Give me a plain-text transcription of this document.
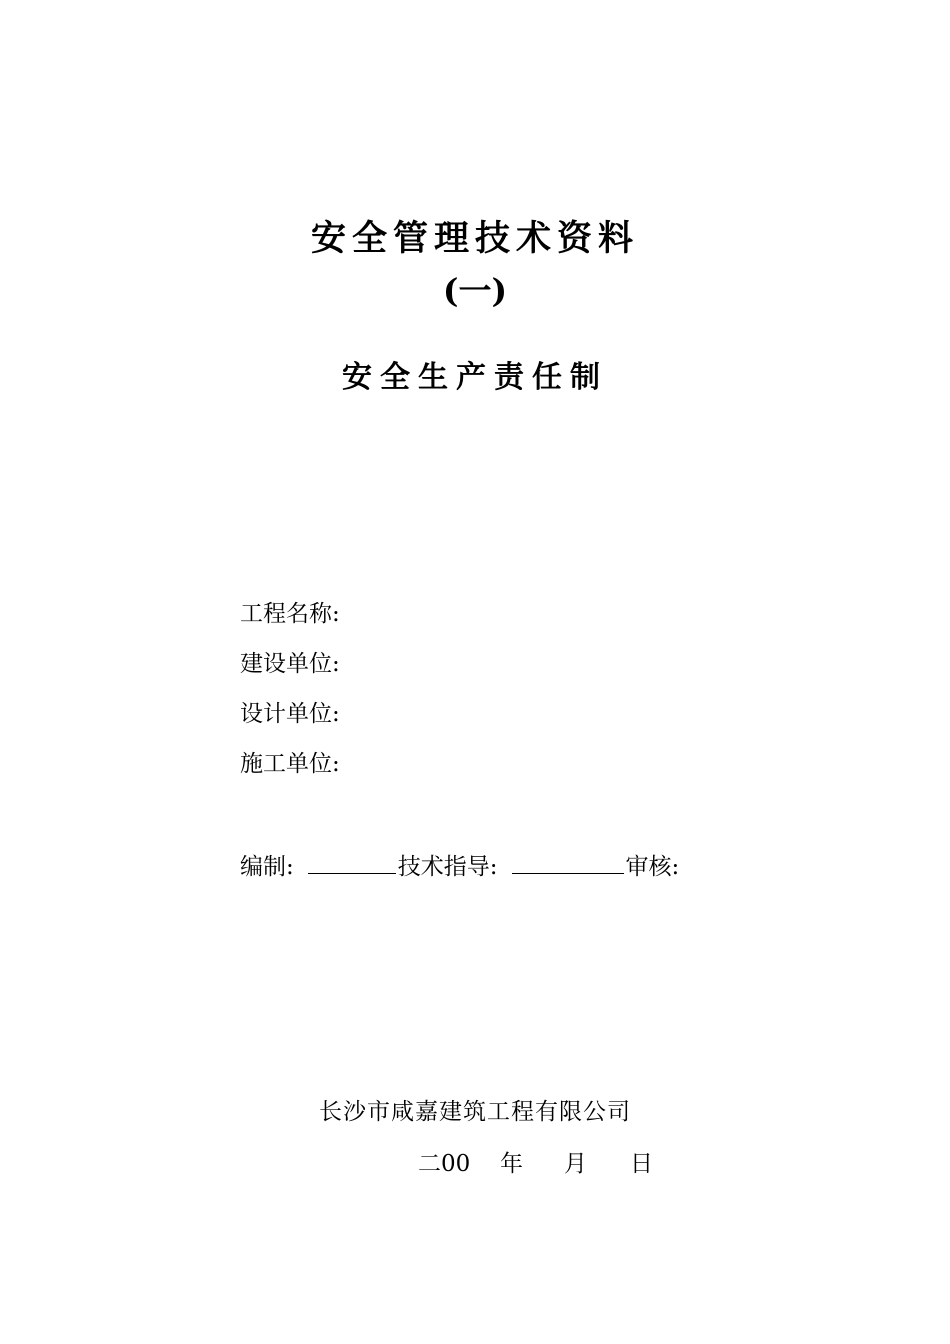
安全管理技术资料
(一)
安全生产责任制
工程名称:
建设单位:
设计单位:
施工单位:
编制:	技术指导:	审核:
长沙市咸嘉建筑工程有限公司
二00 年 月 日
